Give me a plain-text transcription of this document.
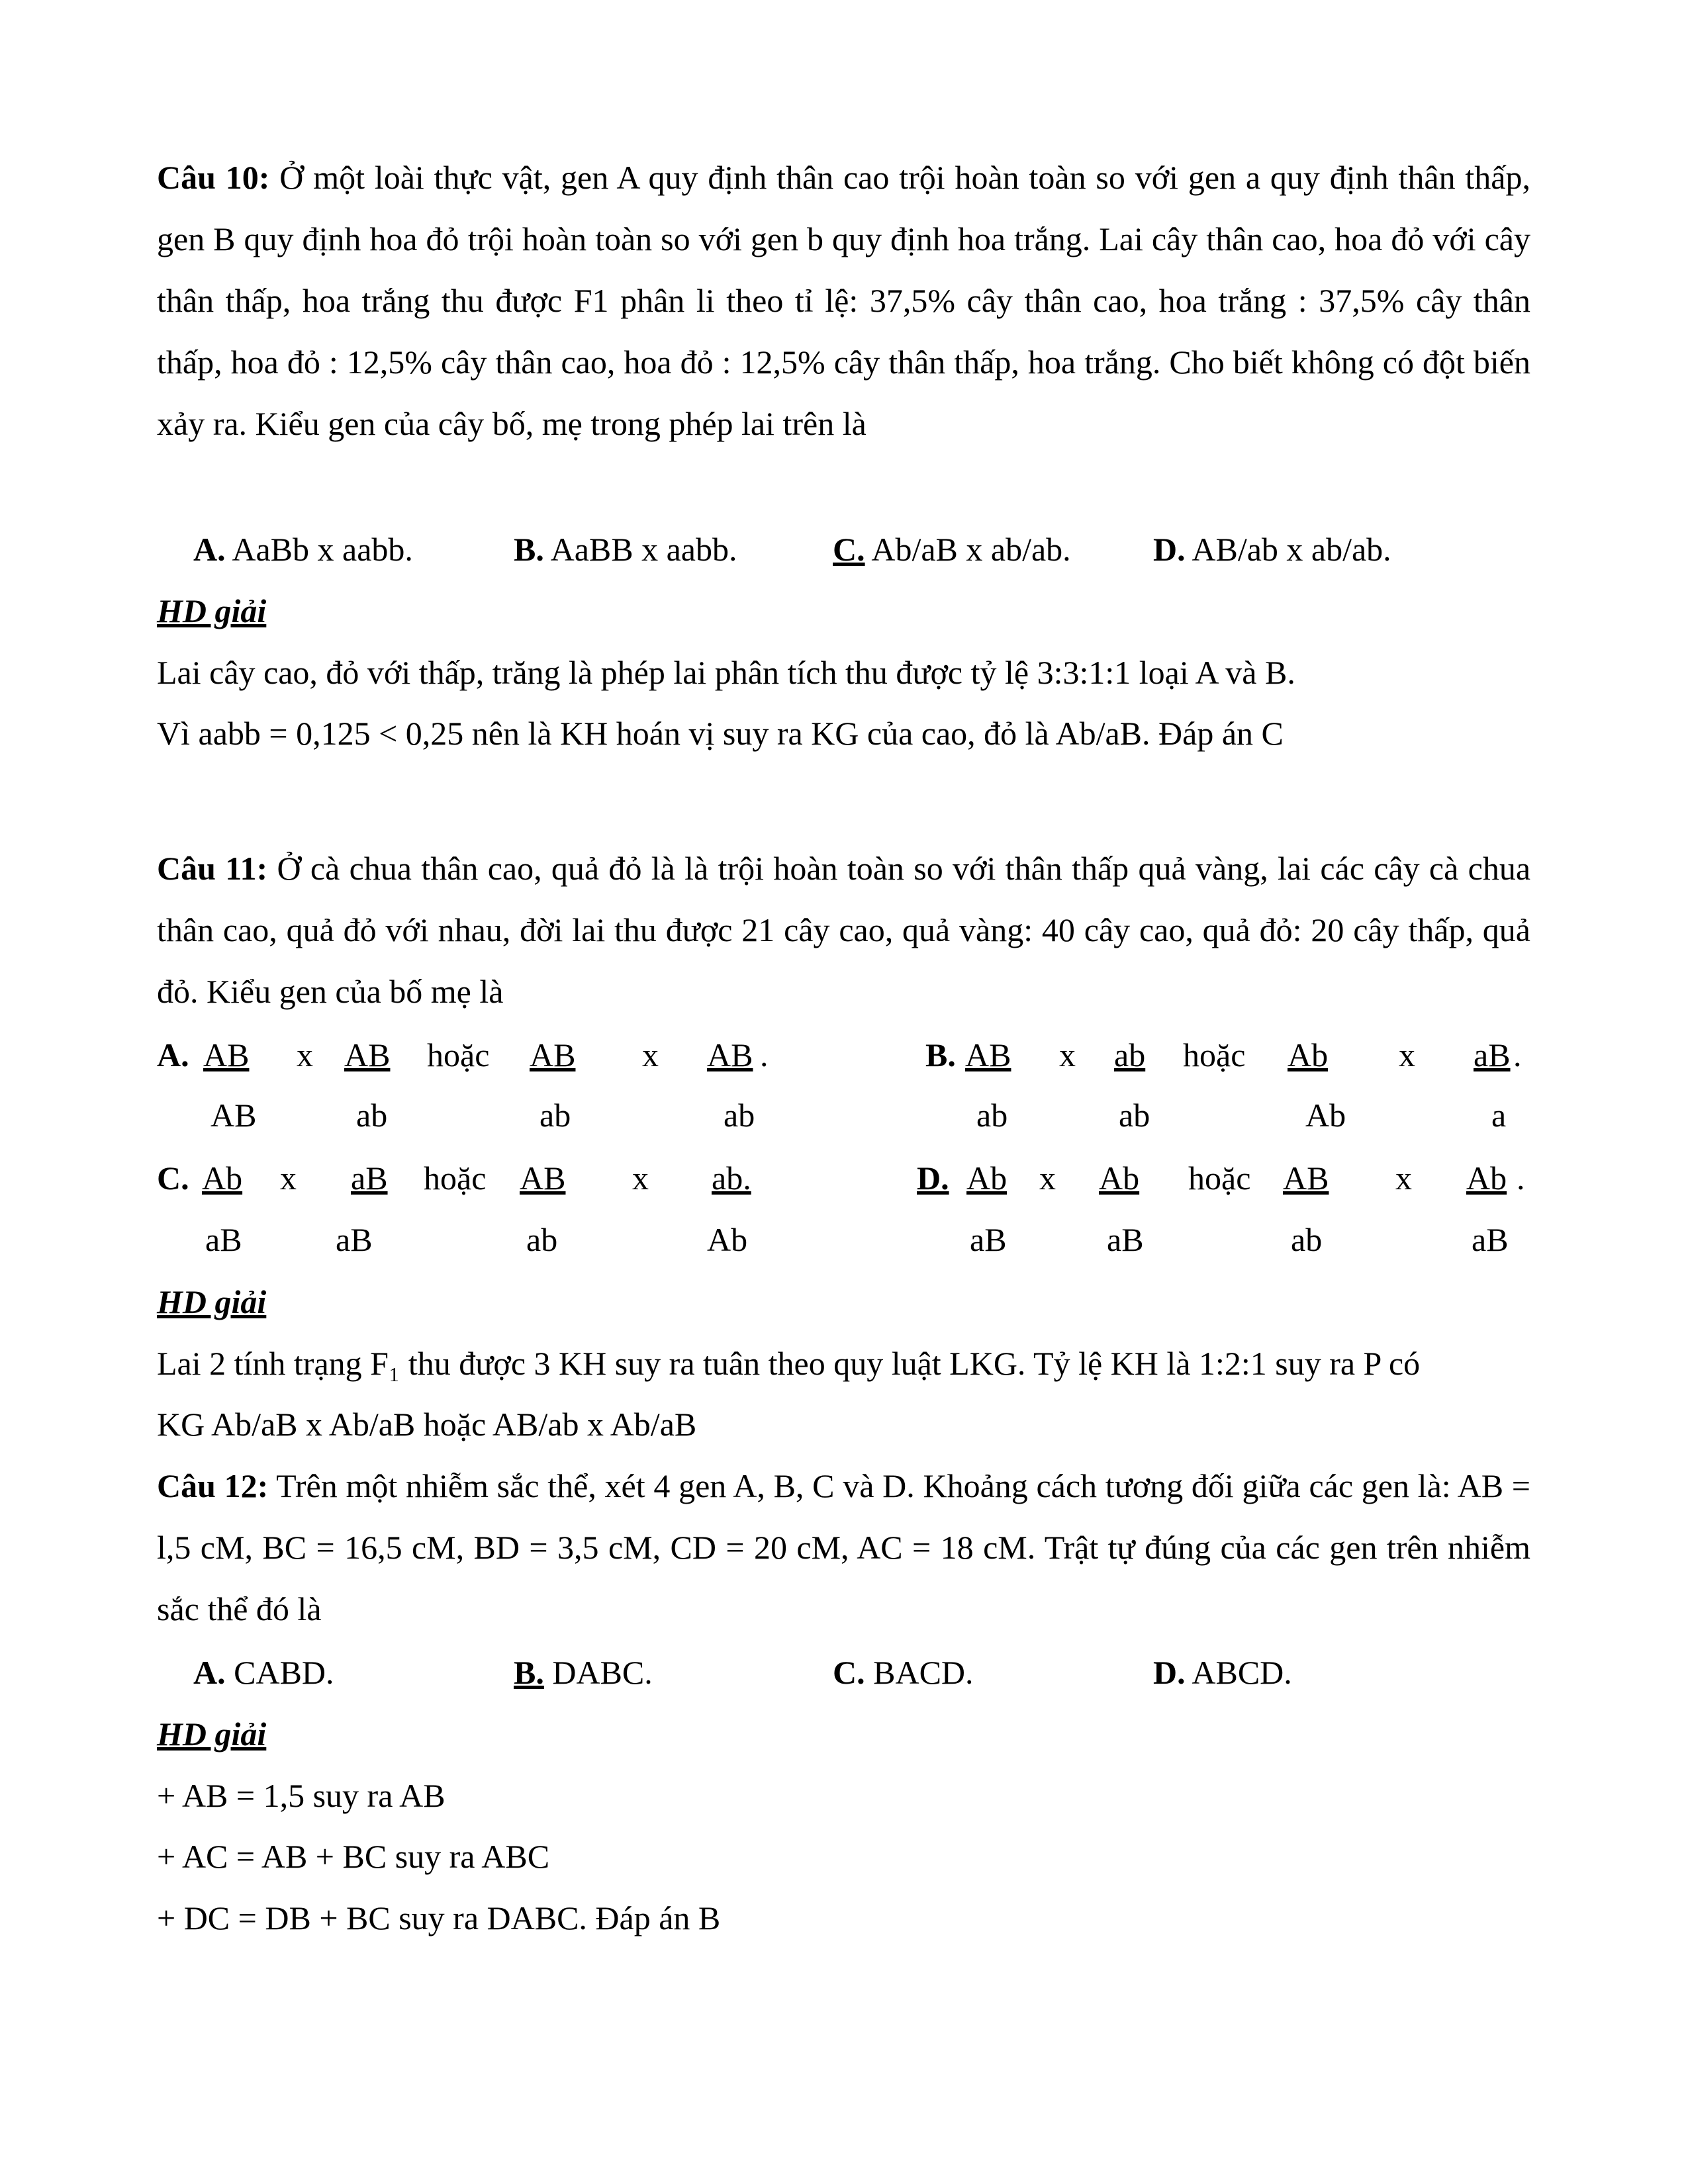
Câu 10: Ở một loài thực vật, gen A quy định thân cao trội hoàn toàn so với gen a quy định thân thấp, gen B quy định hoa đỏ trội hoàn toàn so với gen b quy định hoa trắng. Lai cây thân cao, hoa đỏ với cây thân thấp, hoa trắng thu được F1 phân li theo tỉ lệ: 37,5% cây thân cao, hoa trắng : 37,5% cây thân thấp, hoa đỏ : 12,5% cây thân cao, hoa đỏ : 12,5% cây thân thấp, hoa trắng. Cho biết không có đột biến xảy ra. Kiểu gen của cây bố, mẹ trong phép lai trên là
A. AaBb x aabb.	B. AaBB x aabb.	C. Ab/aB x ab/ab. D. AB/ab x ab/ab.
HD giải
Lai cây cao, đỏ với thấp, trăng là phép lai phân tích thu được tỷ lệ 3:3:1:1 loại A và B.
Vì aabb = 0,125 < 0,25 nên là KH hoán vị suy ra KG của cao, đỏ là Ab/aB. Đáp án C
Câu 11: Ở cà chua thân cao, quả đỏ là là trội hoàn toàn so với thân thấp quả vàng, lai các cây cà chua thân cao, quả đỏ với nhau, đời lai thu được 21 cây cao, quả vàng: 40 cây cao, quả đỏ: 20 cây thấp, quả đỏ. Kiểu gen của bố mẹ là
A. AB
AB
x AB
ab
hoặc AB
ab
x AB .
ab
B. AB
ab
x ab
ab
hoặc Ab
Ab
x aB .
a
C. Ab
aB
x aB
aB
hoặc AB
ab
x ab.
Ab
D. Ab
aB
x Ab
aB
hoặc AB
ab
x Ab .
aB
HD giải
Lai 2 tính trạng F₁ thu được 3 KH suy ra tuân theo quy luật LKG. Tỷ lệ KH là 1:2:1 suy ra P có
KG Ab/aB x Ab/aB hoặc AB/ab x Ab/aB
Câu 12: Trên một nhiễm sắc thể, xét 4 gen A, B, C và D. Khoảng cách tương đối giữa các gen là: AB = l,5 cM, BC = 16,5 cM, BD = 3,5 cM, CD = 20 cM, AC = 18 cM. Trật tự đúng của các gen trên nhiễm sắc thể đó là
A. CABD.	B. DABC.	C. BACD.	D. ABCD.
HD giải
+ AB = 1,5 suy ra AB
+ AC = AB + BC suy ra ABC
+ DC = DB + BC suy ra DABC. Đáp án B
